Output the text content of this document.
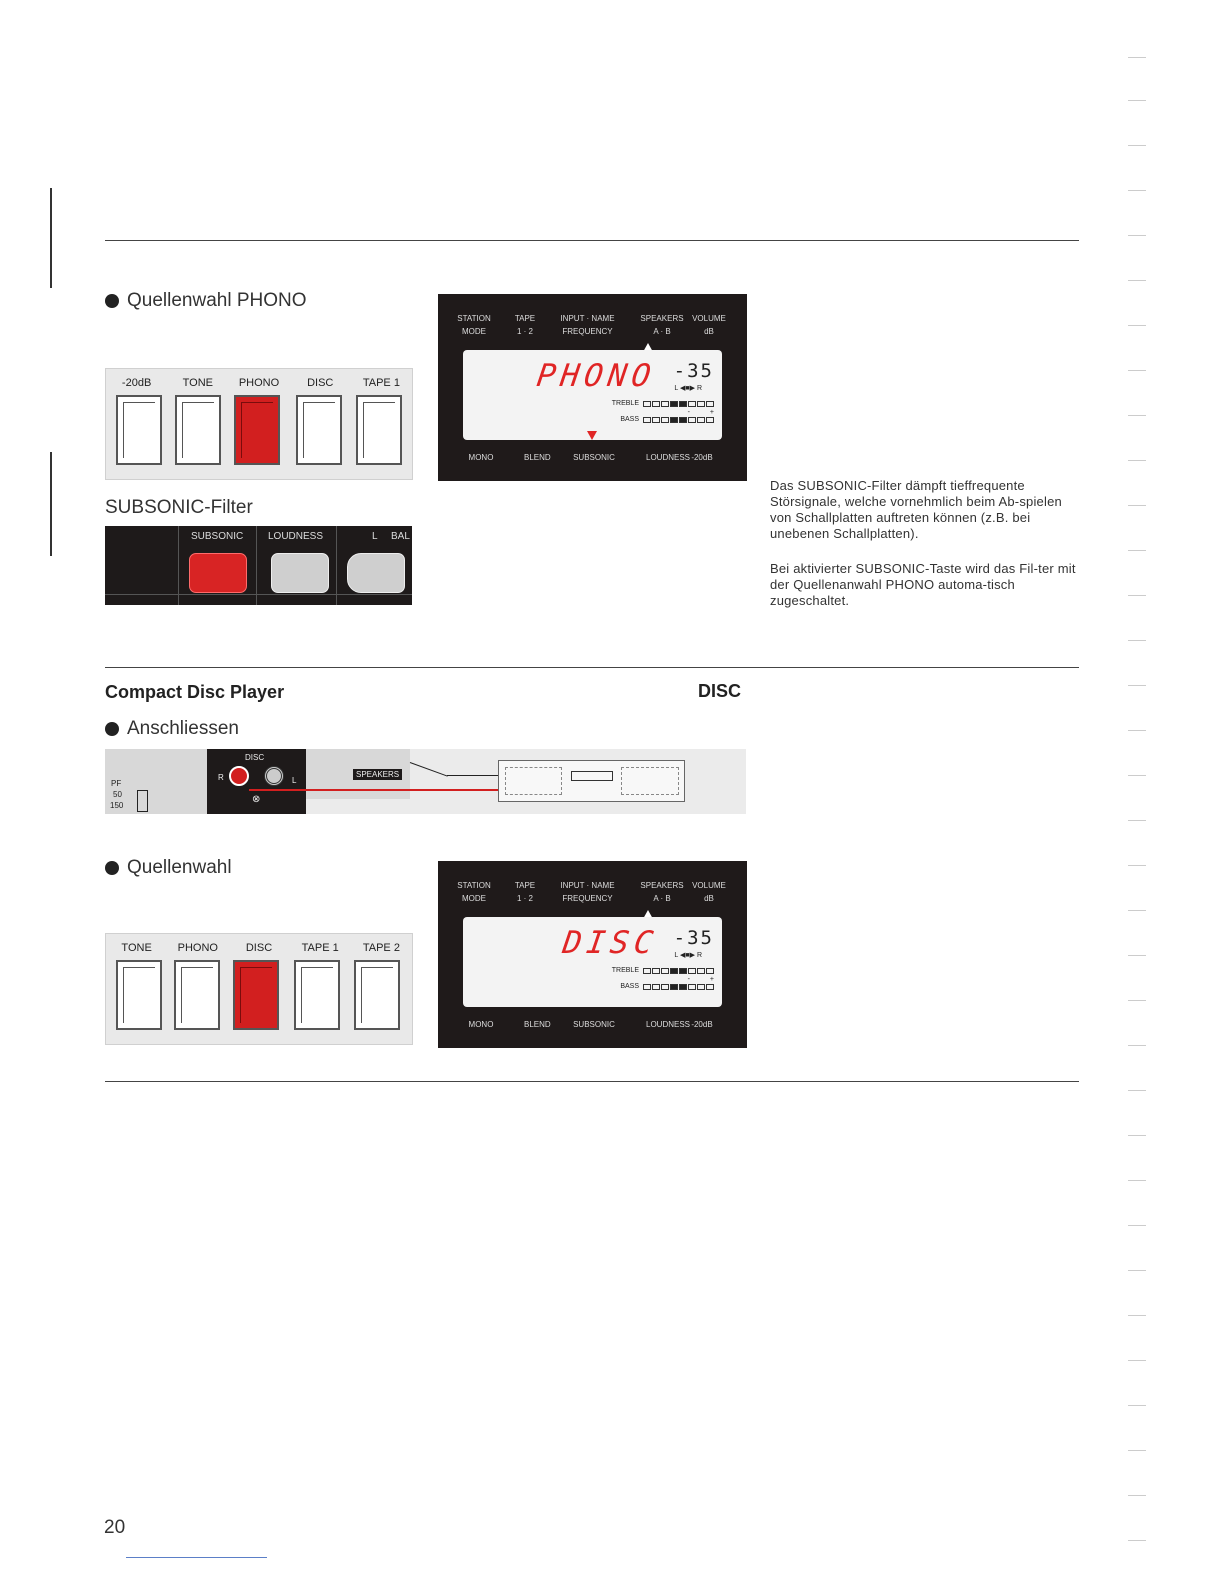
Quellenwahl PHONO
-20dB	TONE	PHONO	DISC	TAPE 1
SUBSONIC-Filter
SUBSONIC LOUDNESS	L BAL
STATION
MODE
TAPE
1 · 2
INPUT · NAME
FREQUENCY
SPEAKERS
A · B
VOLUME
dB
PHONO -35
L ◀■▶ R
TREBLE
-	+
BASS
MONO	BLEND	SUBSONIC	LOUDNESS -20dB
Das SUBSONIC-Filter dämpft tieffrequente Störsignale, welche vornehmlich beim Ab-spielen von Schallplatten auftreten können (z.B. bei unebenen Schallplatten).
Bei aktivierter SUBSONIC-Taste wird das Fil-ter mit der Quellenanwahl PHONO automa-tisch zugeschaltet.
Compact Disc Player	DISC
Anschliessen
PF
50
150
DISC
R	L
⊗
SPEAKERS
Quellenwahl
TONE	PHONO	DISC	TAPE 1	TAPE 2
STATION
MODE
TAPE
1 · 2
INPUT · NAME
FREQUENCY
SPEAKERS
A · B
VOLUME
dB
DISC -35
L ◀■▶ R
TREBLE
-	+
BASS
MONO	BLEND	SUBSONIC	LOUDNESS -20dB
20
